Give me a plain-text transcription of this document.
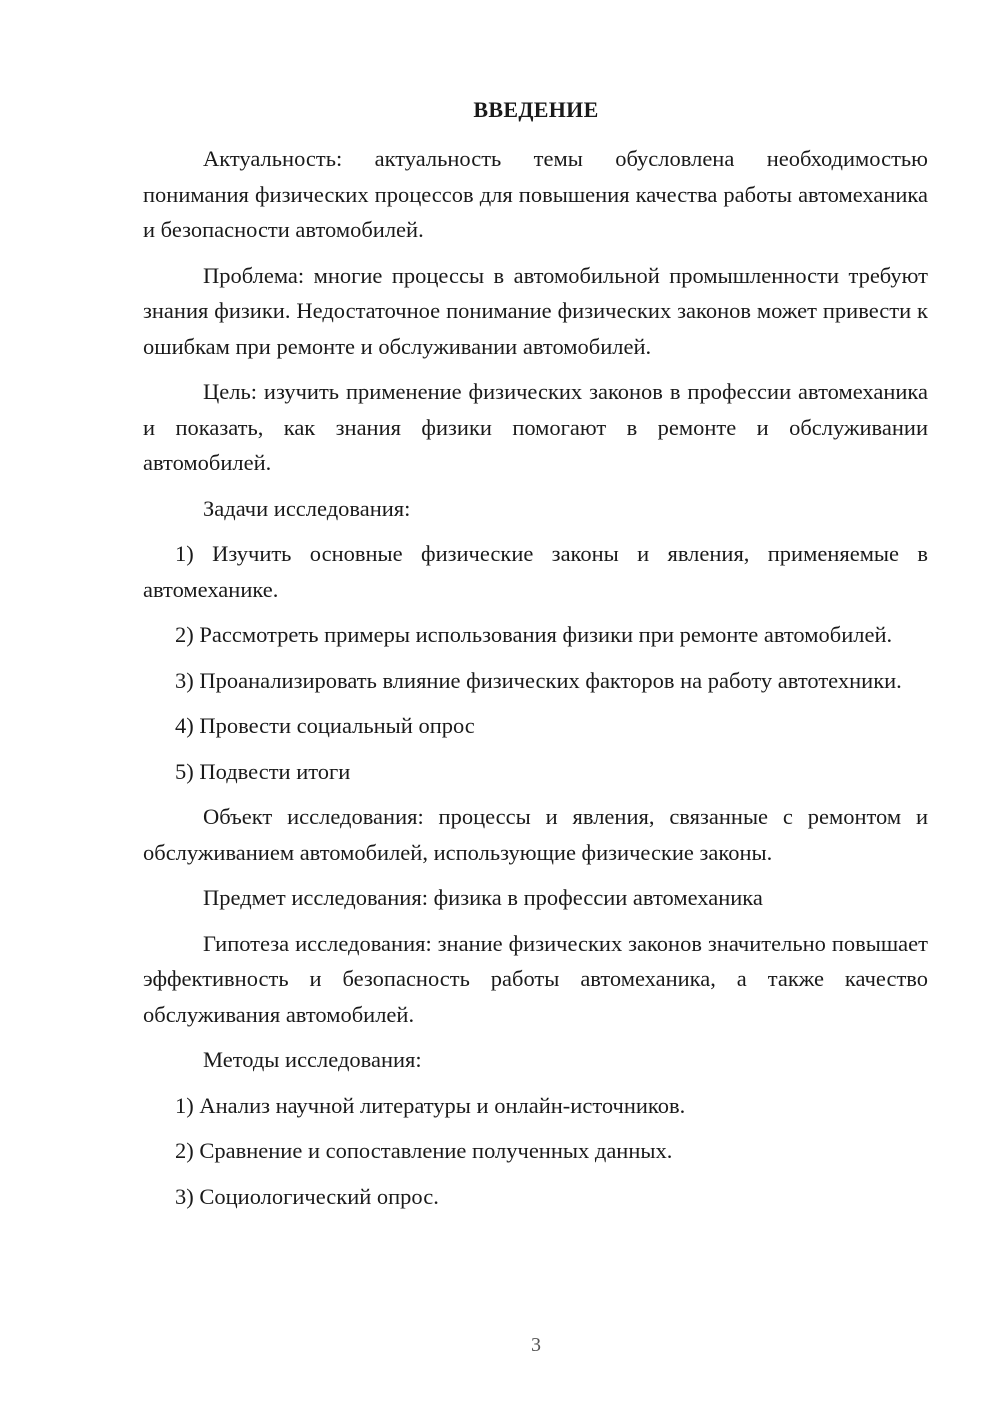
ВВЕДЕНИЕ

Актуальность: актуальность темы обусловлена необходимостью понимания физических процессов для повышения качества работы автомеханика и безопасности автомобилей.

Проблема: многие процессы в автомобильной промышленности требуют знания физики. Недостаточное понимание физических законов может привести к ошибкам при ремонте и обслуживании автомобилей.

Цель: изучить применение физических законов в профессии автомеханика и показать, как знания физики помогают в ремонте и обслуживании автомобилей.

Задачи исследования:

1) Изучить основные физические законы и явления, применяемые в автомеханике.

2) Рассмотреть примеры использования физики при ремонте автомобилей.

3) Проанализировать влияние физических факторов на работу автотехники.

4) Провести социальный опрос

5) Подвести итоги

Объект исследования: процессы и явления, связанные с ремонтом и обслуживанием автомобилей, использующие физические законы.

Предмет исследования: физика в профессии автомеханика

Гипотеза исследования: знание физических законов значительно повышает эффективность и безопасность работы автомеханика, а также качество обслуживания автомобилей.

Методы исследования:

1) Анализ научной литературы и онлайн-источников.

2) Сравнение и сопоставление полученных данных.

3) Социологический опрос.

3
